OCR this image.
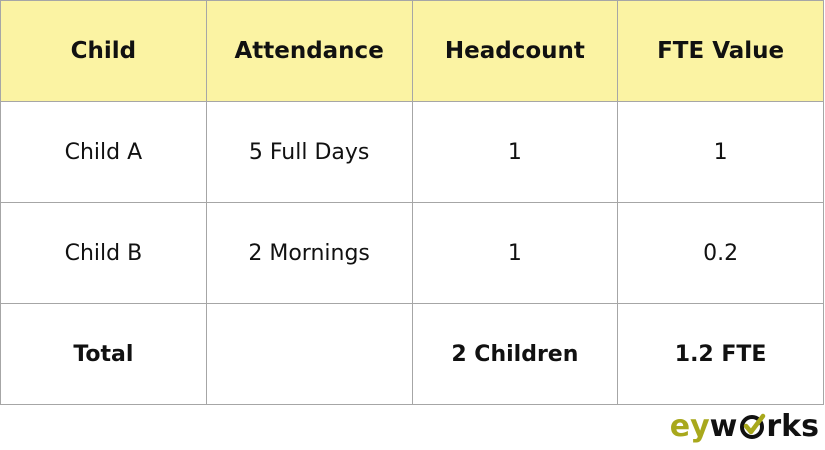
Child	Attendance	Headcount	FTE Value
Child A	5 Full Days	1	1
Child B	2 Mornings	1	0.2
Total		2 Children	1.2 FTE
ey w rks
